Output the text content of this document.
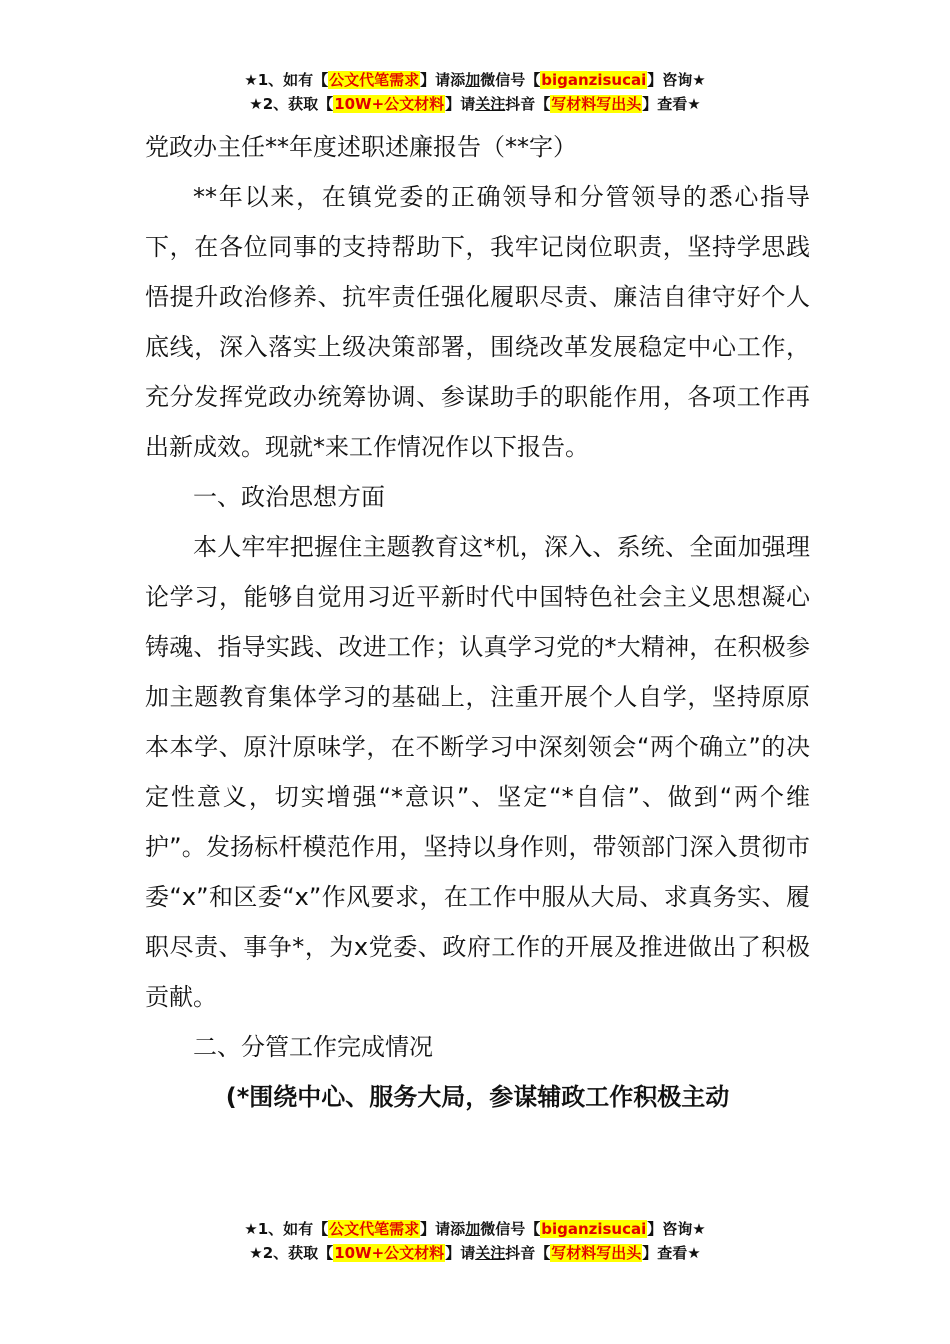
★1、如有【公文代笔需求】请添加微信号【biganzisucai】咨询★
★2、获取【10W+公文材料】请关注抖音【写材料写出头】查看★
党政办主任**年度述职述廉报告（**字）

**年以来，在镇党委的正确领导和分管领导的悉心指导下，在各位同事的支持帮助下，我牢记岗位职责，坚持学思践悟提升政治修养、抗牢责任强化履职尽责、廉洁自律守好个人底线，深入落实上级决策部署，围绕改革发展稳定中心工作，充分发挥党政办统筹协调、参谋助手的职能作用，各项工作再出新成效。现就*来工作情况作以下报告。

一、政治思想方面

本人牢牢把握住主题教育这*机，深入、系统、全面加强理论学习，能够自觉用习近平新时代中国特色社会主义思想凝心铸魂、指导实践、改进工作；认真学习党的*大精神，在积极参加主题教育集体学习的基础上，注重开展个人自学，坚持原原本本学、原汁原味学，在不断学习中深刻领会“两个确立”的决定性意义，切实增强“*意识”、坚定“*自信”、做到“两个维护”。发扬标杆模范作用，坚持以身作则，带领部门深入贯彻市委“x”和区委“x”作风要求，在工作中服从大局、求真务实、履职尽责、事争*，为x党委、政府工作的开展及推进做出了积极贡献。

二、分管工作完成情况

(*围绕中心、服务大局，参谋辅政工作积极主动

★1、如有【公文代笔需求】请添加微信号【biganzisucai】咨询★
★2、获取【10W+公文材料】请关注抖音【写材料写出头】查看★
